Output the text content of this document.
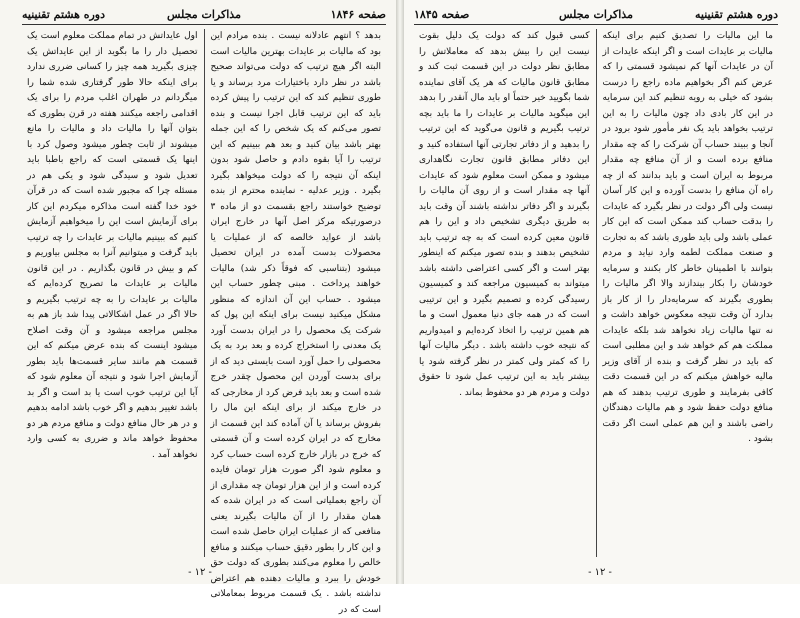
صفحه ۱۸۴۶
مذاکرات مجلس
دوره هشتم تقنینیه

بدهد ؟ انتهم عادلانه نیست . بنده مرادم این بود که مالیات بر عایدات بهترین مالیات است البته اگر هیچ ترتیب که دولت می‌تواند صحیح باشد در نظر دارد باختیارات مرد برساند و یا طوری تنظیم کند که این ترتیب را پیش کرده باید که این ترتیب قابل اجرا نیست و بنده تصور می‌کنم که یک شخص را که این جمله بهتر باشد بیان کنید و بعد هم ببینیم که این ترتیب را آیا بقوه دادم و حاصل شود بدون اینکه آن نتیجه را که دولت میخواهد بگیرد بگیرد . وزیر عدلیه - نماینده محترم از بنده توضیح خواستند راجع بقسمت دو از ماده ۳ درصورتیکه مرکز اصل آنها در خارج ایران باشد از عواید خالصه که از عملیات یا محصولات بدست آمده در ایران تحصیل میشود (بتناسبی که فوقاً ذکر شد) مالیات خواهند پرداخت . مبنی چطور حساب این میشود . حساب این آن اندازه که منظور مشکل میکنید نیست برای اینکه این پول که شرکت یک محصول را در ایران بدست آورد یک معدنی را استخراج کرده و بعد برد به یک محصولی را حمل آورد است بایستی دید که از برای بدست آوردن این محصول چقدر خرج شده است و بعد باید فرض کرد از مخارجی که در خارج میکند از برای اینکه این مال را بفروش برساند یا آن آماده کند این قسمت از مخارج که در ایران کرده است و آن قسمتی که خرج در بازار خارج کرده است حساب کرد و معلوم شود اگر صورت هزار تومان فایده کرده است و از این هزار تومان چه مقداری از آن راجع بعملیاتی است که در ایران شده که همان مقدار را از آن مالیات بگیرند یعنی منافعی که از عملیات ایران حاصل شده است و این کار را بطور دقیق حساب میکنند و منافع خالص را معلوم می‌کنند بطوری که دولت حق خودش را ببرد و مالیات دهنده هم اعتراض نداشته باشد . یک قسمت مربوط بمعاملاتی است که در

اول عایداتش در تمام مملکت معلوم است یک تحصیل دار را ما بگوید از این عایداتش یک چیزی بگیرید همه چیز را کسانی ضرری ندارد برای اینکه حالا طور گرفتاری شده شما را میگردانم در طهران اغلب مردم را برای یک اقدامی راجعه میکنند هفته در قرن بطوری که بتوان آنها را مالیات داد و مالیات را مانع میشوند از ثابت چطور میشود وصول کرد با اینها یک قسمتی است که راجع باطبا باید تعدیل شود و سیدگی شود و یکی هم در مسئله چرا که مجبور شده است که در قرآن خود خدا گفته است مذاکره میکردم این کار برای آزمایش است این را میخواهیم آزمایش کنیم که ببینیم مالیات بر عایدات را چه ترتیب باید گرفت و میتوانیم آنرا به مجلس بیاوریم و کم و بیش در قانون بگذاریم . در این قانون مالیات بر عایدات ما تصریح کرده‌ایم که مالیات بر عایدات را به چه ترتیب بگیریم و حالا اگر در عمل اشکالاتی پیدا شد باز هم به مجلس مراجعه میشود و آن وقت اصلاح میشود اینست که بنده عرض میکنم که این قسمت هم مانند سایر قسمت‌ها باید بطور آزمایش اجرا شود و نتیجه آن معلوم شود که آیا این ترتیب خوب است یا بد است و اگر بد باشد تغییر بدهیم و اگر خوب باشد ادامه بدهیم و در هر حال منافع دولت و منافع مردم هر دو محفوظ خواهد ماند و ضرری به کسی وارد نخواهد آمد .

- ۱۲ -
دوره هشتم تقنینیه
مذاکرات مجلس
صفحه ۱۸۴۵

ما این مالیات را تصدیق کنیم برای اینکه مالیات بر عایدات است و اگر اینکه عایدات از آن در عایدات آنها کم نمیشود قسمتی را که عرض کنم اگر بخواهیم ماده راجع را درست بشود که خیلی به رویه تنظیم کند این سرمایه در این کار بادی داد چون مالیات را به این ترتیب بخواهد باید یک نفر مأمور شود برود در آنجا و ببیند حساب آن شرکت را که چه مقدار منافع برده است و از آن منافع چه مقدار مربوط به ایران است و باید بدانند که از چه راه آن منافع را بدست آورده و این کار آسان نیست ولی اگر دولت در نظر بگیرد که عایدات را بدقت حساب کند ممکن است که این کار عملی باشد ولی باید طوری باشد که به تجارت و صنعت مملکت لطمه وارد نیاید و مردم بتوانند با اطمینان خاطر کار بکنند و سرمایه خودشان را بکار بیندازند والا اگر مالیات را بطوری بگیرند که سرمایه‌دار را از کار باز بدارد آن وقت نتیجه معکوس خواهد داشت و نه تنها مالیات زیاد نخواهد شد بلکه عایدات مملکت هم کم خواهد شد و این مطلبی است که باید در نظر گرفت و بنده از آقای وزیر مالیه خواهش میکنم که در این قسمت دقت کافی بفرمایند و طوری ترتیب بدهند که هم منافع دولت حفظ شود و هم مالیات دهندگان راضی باشند و این هم عملی است اگر دقت بشود .

کسی قبول کند که دولت یک دلیل بقوت نیست این را بیش بدهد که معاملاتش را مطابق نظر دولت در این قسمت ثبت کند و مطابق قانون مالیات که هر یک آقای نماینده شما بگویید خیر حتماً او باید مال آنقدر را بدهد این میگوید مالیات بر عایدات را ما باید بچه ترتیب بگیریم و قانون می‌گوید که این ترتیب را بدهید و از دفاتر تجارتی آنها استفاده کنید و این دفاتر مطابق قانون تجارت نگاهداری میشود و ممکن است معلوم شود که عایدات آنها چه مقدار است و از روی آن مالیات را بگیرند و اگر دفاتر نداشته باشند آن وقت باید به طریق دیگری تشخیص داد و این را هم قانون معین کرده است که به چه ترتیب باید تشخیص بدهند و بنده تصور میکنم که اینطور بهتر است و اگر کسی اعتراضی داشته باشد میتواند به کمیسیون مراجعه کند و کمیسیون رسیدگی کرده و تصمیم بگیرد و این ترتیبی است که در همه جای دنیا معمول است و ما هم همین ترتیب را اتخاذ کرده‌ایم و امیدواریم که نتیجه خوب داشته باشد . دیگر مالیات آنها را که کمتر ولی کمتر در نظر گرفته شود یا بیشتر باید به این ترتیب عمل شود تا حقوق دولت و مردم هر دو محفوظ بماند .

- ۱۲ -
